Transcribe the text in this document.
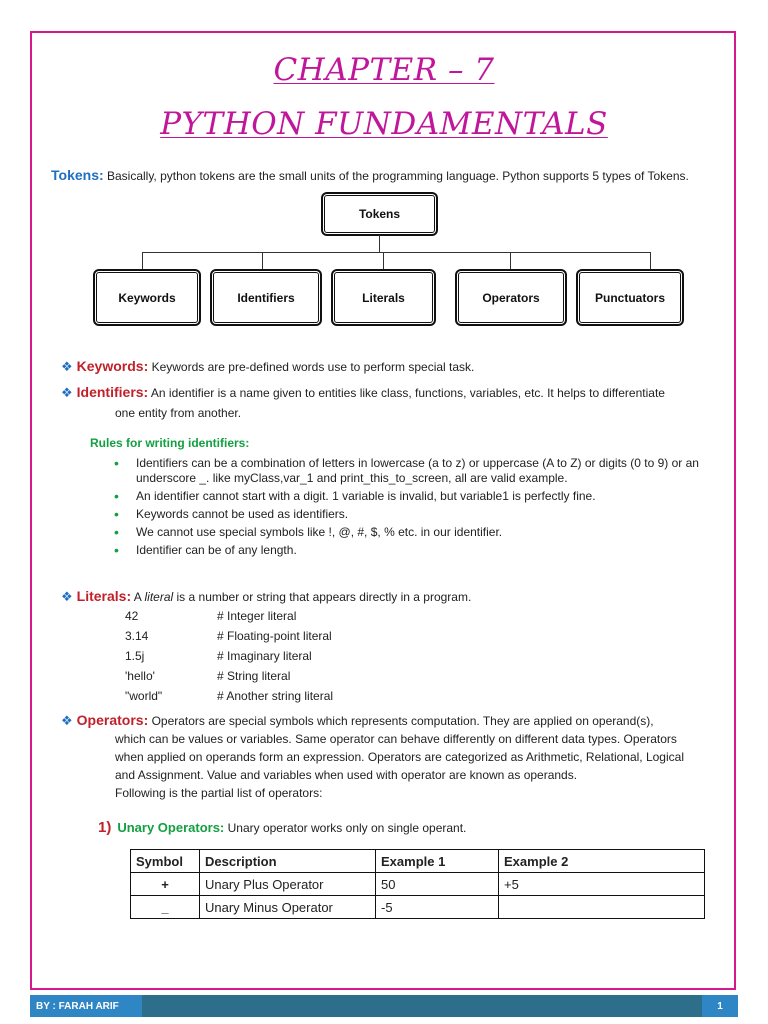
CHAPTER – 7
PYTHON FUNDAMENTALS
Tokens: Basically, python tokens are the small units of the programming language. Python supports 5 types of Tokens.
Tokens
Keywords	Identifiers	Literals	Operators	Punctuators
❖ Keywords: Keywords are pre-defined words use to perform special task.
❖ Identifiers: An identifier is a name given to entities like class, functions, variables, etc. It helps to differentiate
one entity from another.
Rules for writing identifiers:
• Identifiers can be a combination of letters in lowercase (a to z) or uppercase (A to Z) or digits (0 to 9) or an underscore _. like myClass,var_1 and print_this_to_screen, all are valid example.
• An identifier cannot start with a digit. 1 variable is invalid, but variable1 is perfectly fine.
• Keywords cannot be used as identifiers.
• We cannot use special symbols like !, @, #, $, % etc. in our identifier.
• Identifier can be of any length.
❖ Literals: A literal is a number or string that appears directly in a program.
42	# Integer literal
3.14	# Floating-point literal
1.5j	# Imaginary literal
'hello'	# String literal
"world"	# Another string literal
❖ Operators: Operators are special symbols which represents computation. They are applied on operand(s),
which can be values or variables. Same operator can behave differently on different data types. Operators
when applied on operands form an expression. Operators are categorized as Arithmetic, Relational, Logical
and Assignment. Value and variables when used with operator are known as operands.
Following is the partial list of operators:
1) Unary Operators: Unary operator works only on single operant.
Symbol	Description	Example 1	Example 2
+	Unary Plus Operator	50	+5
_	Unary Minus Operator	-5	
BY : FARAH ARIF	1
